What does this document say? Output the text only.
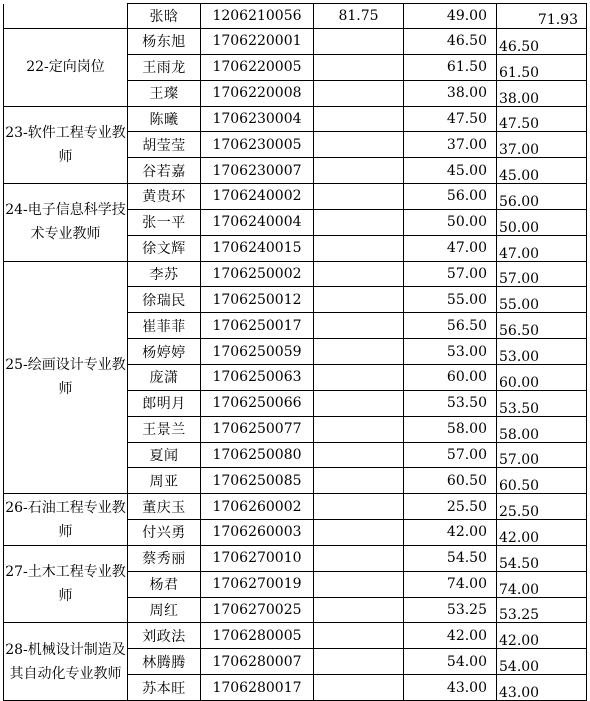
	张晗	1206210056	81.75	49.00	71.93
22-定向岗位	杨东旭	1706220001		46.50	46.50
	王雨龙	1706220005		61.50	61.50
	王璨	1706220008		38.00	38.00
23-软件工程专业教师	陈曦	1706230004		47.50	47.50
	胡莹莹	1706230005		37.00	37.00
	谷若嘉	1706230007		45.00	45.00
24-电子信息科学技术专业教师	黄贵环	1706240002		56.00	56.00
	张一平	1706240004		50.00	50.00
	徐文辉	1706240015		47.00	47.00
25-绘画设计专业教师	李苏	1706250002		57.00	57.00
	徐瑞民	1706250012		55.00	55.00
	崔菲菲	1706250017		56.50	56.50
	杨婷婷	1706250059		53.00	53.00
	庞潇	1706250063		60.00	60.00
	郎明月	1706250066		53.50	53.50
	王景兰	1706250077		58.00	58.00
	夏闻	1706250080		57.00	57.00
	周亚	1706250085		60.50	60.50
26-石油工程专业教师	董庆玉	1706260002		25.50	25.50
	付兴勇	1706260003		42.00	42.00
27-土木工程专业教师	蔡秀丽	1706270010		54.50	54.50
	杨君	1706270019		74.00	74.00
	周红	1706270025		53.25	53.25
28-机械设计制造及其自动化专业教师	刘政法	1706280005		42.00	42.00
	林腾腾	1706280007		54.00	54.00
	苏本旺	1706280017		43.00	43.00
